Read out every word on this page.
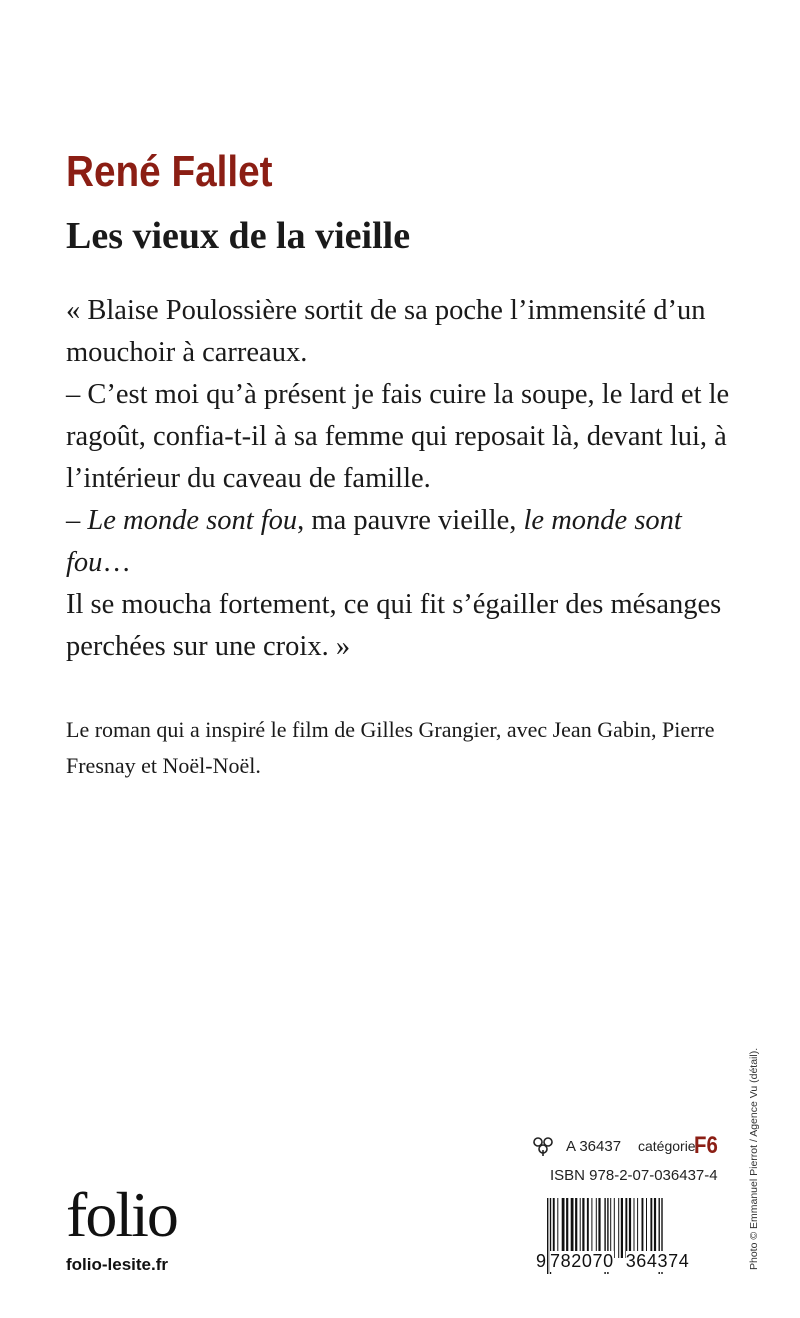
René Fallet
Les vieux de la vieille

« Blaise Poulossière sortit de sa poche l’immensité d’un mouchoir à carreaux.

– C’est moi qu’à présent je fais cuire la soupe, le lard et le ragoût, confia-t-il à sa femme qui reposait là, devant lui, à l’intérieur du caveau de famille.

– Le monde sont fou, ma pauvre vieille, le monde sont fou…

Il se moucha fortement, ce qui fit s’égailler des mésanges perchées sur une croix. »

Le roman qui a inspiré le film de Gilles Grangier, avec Jean Gabin, Pierre Fresnay et Noël-Noël.

Photo © Emmanuel Pierrot / Agence Vu (détail).
folio
folio-lesite.fr
A 36437 catégorie
F6
ISBN 978-2-07-036437-4
9 782070 364374
